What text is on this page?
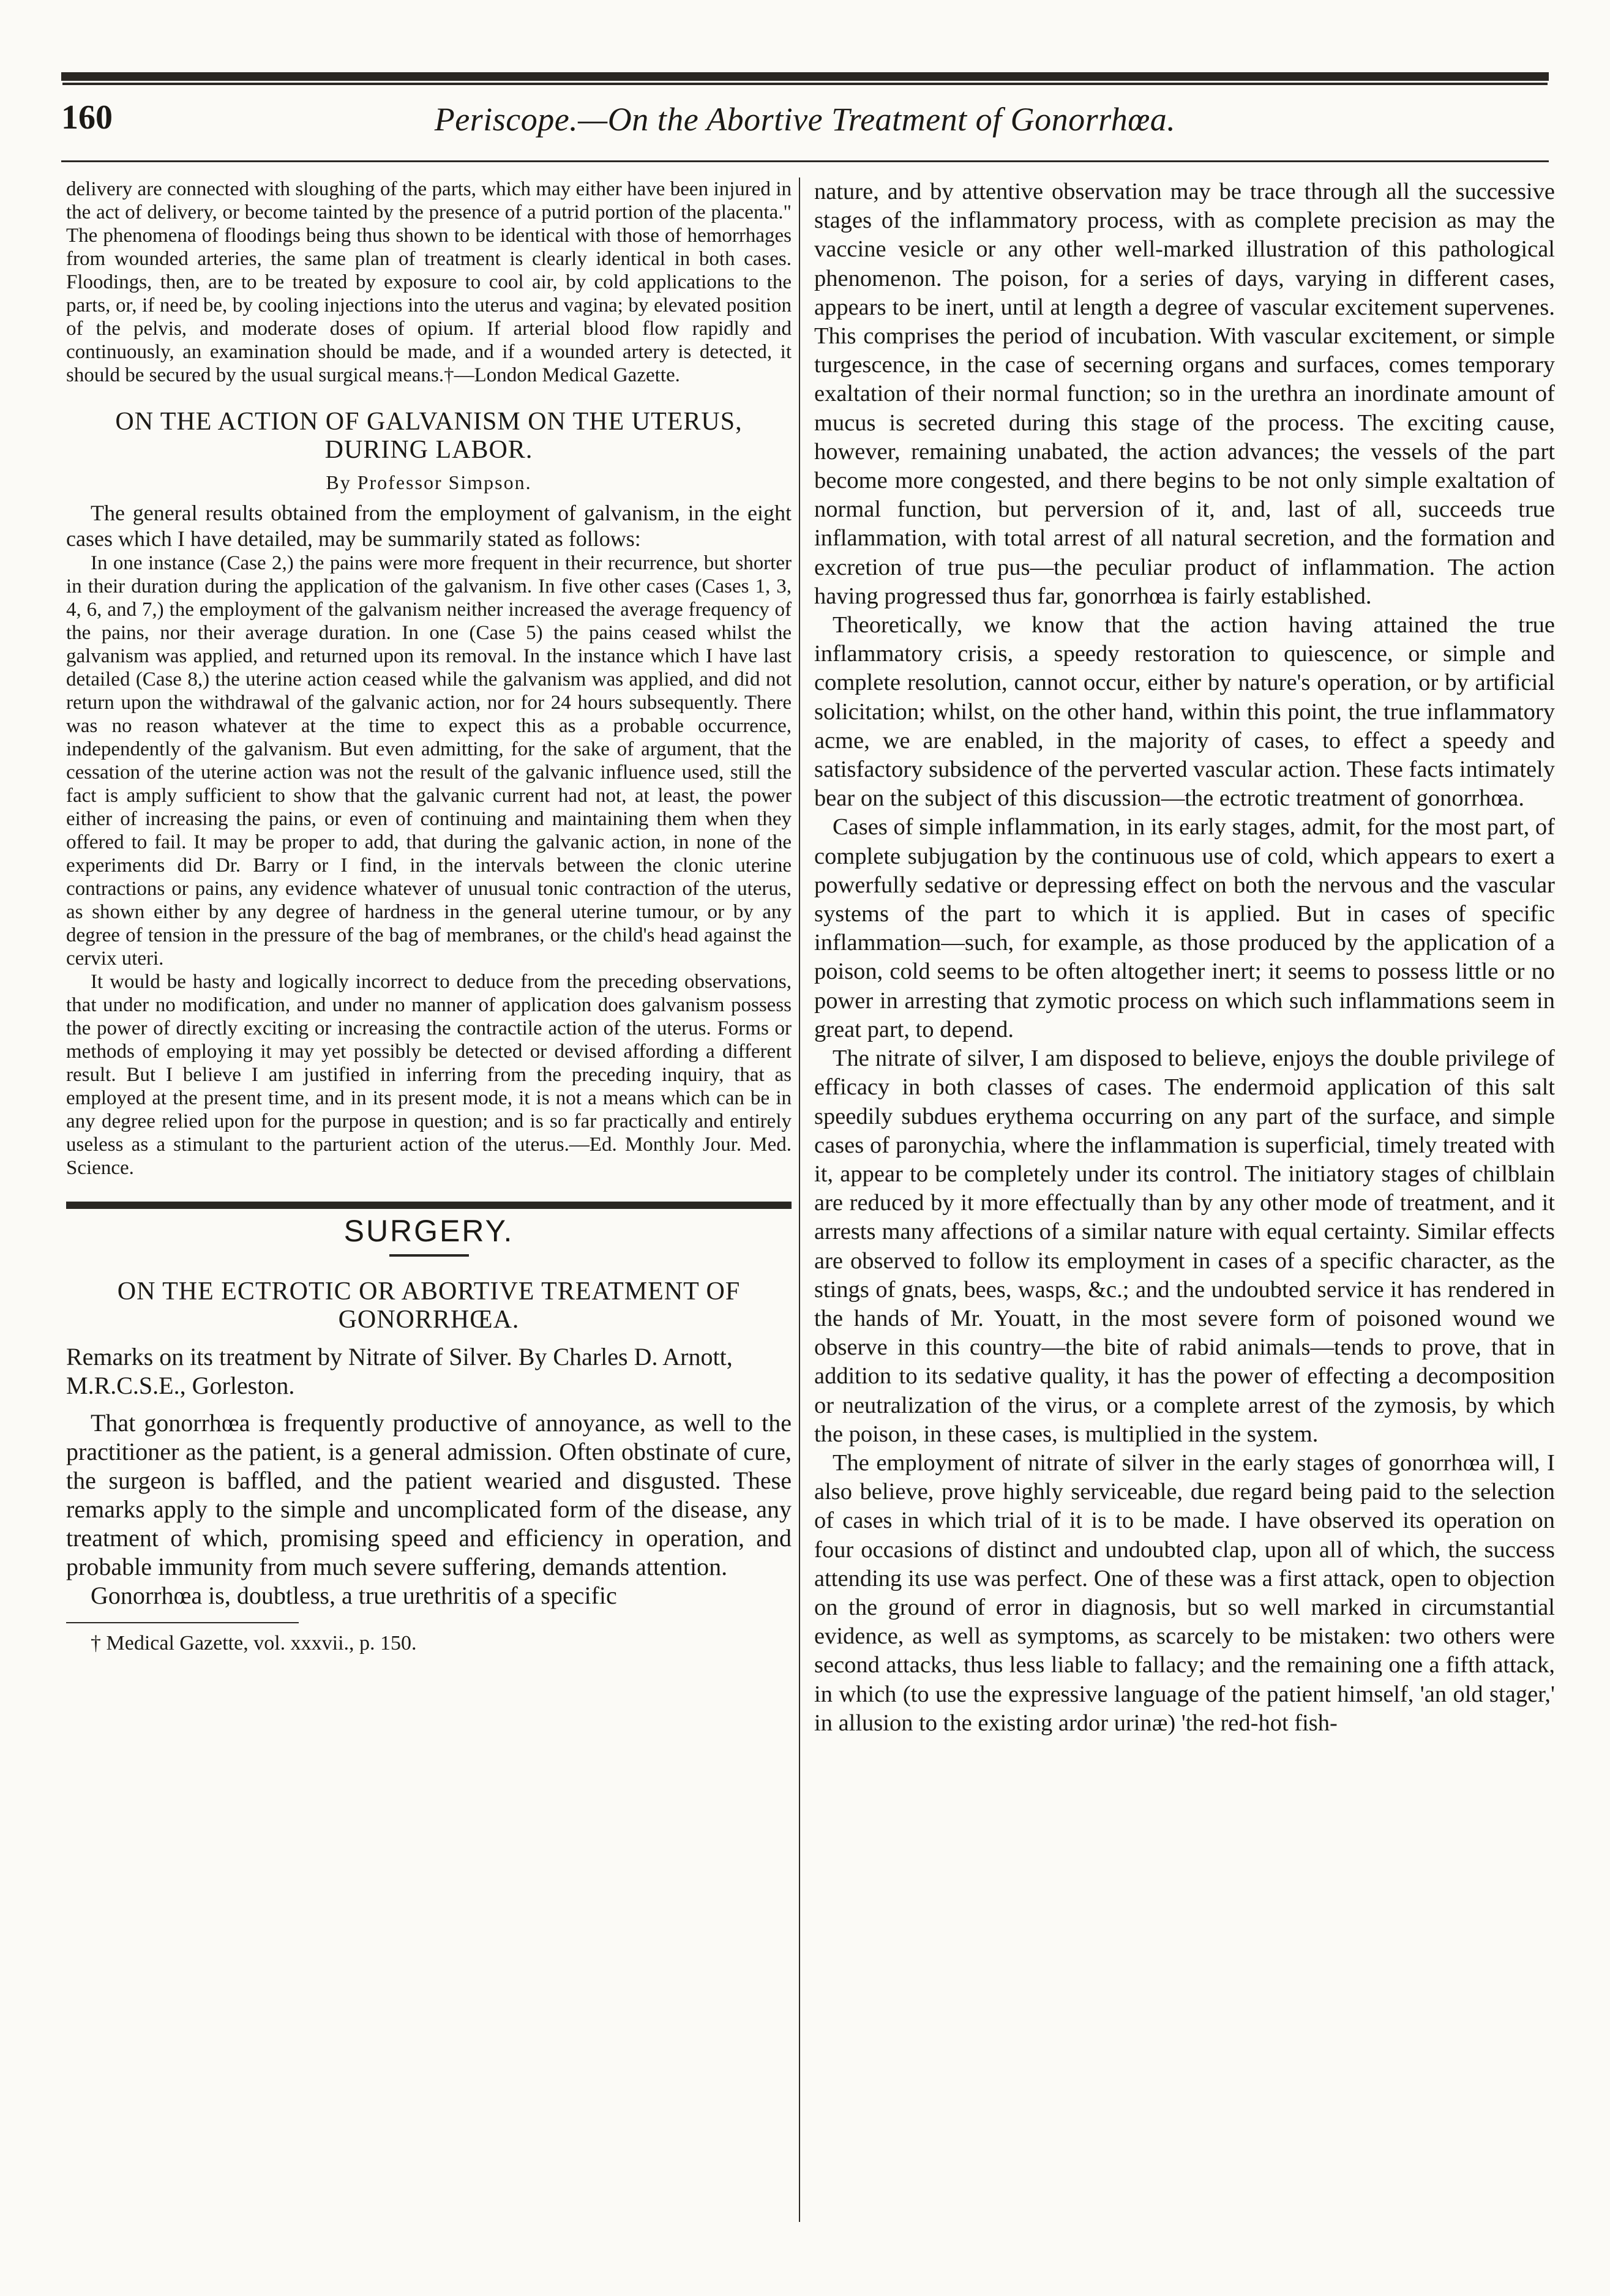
160	Periscope.—On the Abortive Treatment of Gonorrhœa.

delivery are connected with sloughing of the parts, which may either have been injured in the act of delivery, or become tainted by the presence of a putrid portion of the placenta." The phenomena of floodings being thus shown to be identical with those of hemorrhages from wounded arteries, the same plan of treatment is clearly identical in both cases. Floodings, then, are to be treated by exposure to cool air, by cold applications to the parts, or, if need be, by cooling injections into the uterus and vagina; by elevated position of the pelvis, and moderate doses of opium. If arterial blood flow rapidly and continuously, an examination should be made, and if a wounded artery is detected, it should be secured by the usual surgical means.†—London Medical Gazette.

ON THE ACTION OF GALVANISM ON THE UTERUS, DURING LABOR.
By Professor Simpson.

The general results obtained from the employment of galvanism, in the eight cases which I have detailed, may be summarily stated as follows:

In one instance (Case 2,) the pains were more frequent in their recurrence, but shorter in their duration during the application of the galvanism. In five other cases (Cases 1, 3, 4, 6, and 7,) the employment of the galvanism neither increased the average frequency of the pains, nor their average duration. In one (Case 5) the pains ceased whilst the galvanism was applied, and returned upon its removal. In the instance which I have last detailed (Case 8,) the uterine action ceased while the galvanism was applied, and did not return upon the withdrawal of the galvanic action, nor for 24 hours subsequently. There was no reason whatever at the time to expect this as a probable occurrence, independently of the galvanism. But even admitting, for the sake of argument, that the cessation of the uterine action was not the result of the galvanic influence used, still the fact is amply sufficient to show that the galvanic current had not, at least, the power either of increasing the pains, or even of continuing and maintaining them when they offered to fail. It may be proper to add, that during the galvanic action, in none of the experiments did Dr. Barry or I find, in the intervals between the clonic uterine contractions or pains, any evidence whatever of unusual tonic contraction of the uterus, as shown either by any degree of hardness in the general uterine tumour, or by any degree of tension in the pressure of the bag of membranes, or the child's head against the cervix uteri.

It would be hasty and logically incorrect to deduce from the preceding observations, that under no modification, and under no manner of application does galvanism possess the power of directly exciting or increasing the contractile action of the uterus. Forms or methods of employing it may yet possibly be detected or devised affording a different result. But I believe I am justified in inferring from the preceding inquiry, that as employed at the present time, and in its present mode, it is not a means which can be in any degree relied upon for the purpose in question; and is so far practically and entirely useless as a stimulant to the parturient action of the uterus.—Ed. Monthly Jour. Med. Science.

SURGERY.
ON THE ECTROTIC OR ABORTIVE TREATMENT OF GONORRHŒA.

Remarks on its treatment by Nitrate of Silver. By Charles D. Arnott, M.R.C.S.E., Gorleston.

That gonorrhœa is frequently productive of annoyance, as well to the practitioner as the patient, is a general admission. Often obstinate of cure, the surgeon is baffled, and the patient wearied and disgusted. These remarks apply to the simple and uncomplicated form of the disease, any treatment of which, promising speed and efficiency in operation, and probable immunity from much severe suffering, demands attention.

Gonorrhœa is, doubtless, a true urethritis of a specific

† Medical Gazette, vol. xxxvii., p. 150.

nature, and by attentive observation may be trace through all the successive stages of the inflammatory process, with as complete precision as may the vaccine vesicle or any other well-marked illustration of this pathological phenomenon. The poison, for a series of days, varying in different cases, appears to be inert, until at length a degree of vascular excitement supervenes. This comprises the period of incubation. With vascular excitement, or simple turgescence, in the case of secerning organs and surfaces, comes temporary exaltation of their normal function; so in the urethra an inordinate amount of mucus is secreted during this stage of the process. The exciting cause, however, remaining unabated, the action advances; the vessels of the part become more congested, and there begins to be not only simple exaltation of normal function, but perversion of it, and, last of all, succeeds true inflammation, with total arrest of all natural secretion, and the formation and excretion of true pus—the peculiar product of inflammation. The action having progressed thus far, gonorrhœa is fairly established.

Theoretically, we know that the action having attained the true inflammatory crisis, a speedy restoration to quiescence, or simple and complete resolution, cannot occur, either by nature's operation, or by artificial solicitation; whilst, on the other hand, within this point, the true inflammatory acme, we are enabled, in the majority of cases, to effect a speedy and satisfactory subsidence of the perverted vascular action. These facts intimately bear on the subject of this discussion—the ectrotic treatment of gonorrhœa.

Cases of simple inflammation, in its early stages, admit, for the most part, of complete subjugation by the continuous use of cold, which appears to exert a powerfully sedative or depressing effect on both the nervous and the vascular systems of the part to which it is applied. But in cases of specific inflammation—such, for example, as those produced by the application of a poison, cold seems to be often altogether inert; it seems to possess little or no power in arresting that zymotic process on which such inflammations seem in great part, to depend.

The nitrate of silver, I am disposed to believe, enjoys the double privilege of efficacy in both classes of cases. The endermoid application of this salt speedily subdues erythema occurring on any part of the surface, and simple cases of paronychia, where the inflammation is superficial, timely treated with it, appear to be completely under its control. The initiatory stages of chilblain are reduced by it more effectually than by any other mode of treatment, and it arrests many affections of a similar nature with equal certainty. Similar effects are observed to follow its employment in cases of a specific character, as the stings of gnats, bees, wasps, &c.; and the undoubted service it has rendered in the hands of Mr. Youatt, in the most severe form of poisoned wound we observe in this country—the bite of rabid animals—tends to prove, that in addition to its sedative quality, it has the power of effecting a decomposition or neutralization of the virus, or a complete arrest of the zymosis, by which the poison, in these cases, is multiplied in the system.

The employment of nitrate of silver in the early stages of gonorrhœa will, I also believe, prove highly serviceable, due regard being paid to the selection of cases in which trial of it is to be made. I have observed its operation on four occasions of distinct and undoubted clap, upon all of which, the success attending its use was perfect. One of these was a first attack, open to objection on the ground of error in diagnosis, but so well marked in circumstantial evidence, as well as symptoms, as scarcely to be mistaken: two others were second attacks, thus less liable to fallacy; and the remaining one a fifth attack, in which (to use the expressive language of the patient himself, 'an old stager,' in allusion to the existing ardor urinæ) 'the red-hot fish-
